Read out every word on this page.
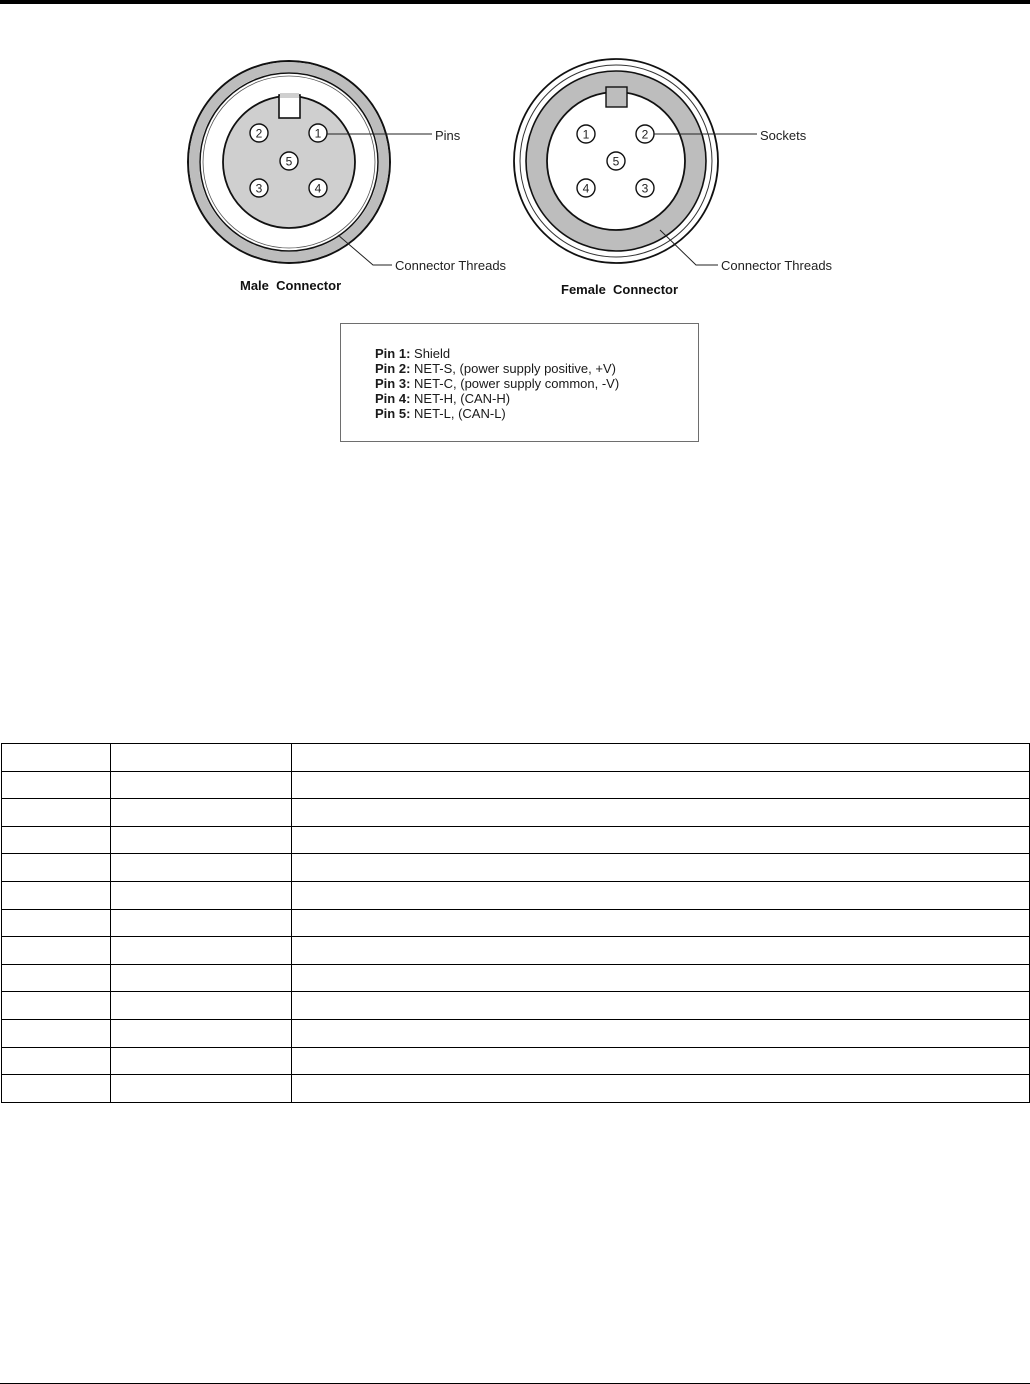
1
2
3	4
5
Pins
Connector Threads
Male  Connector
1	2
3
4
5
Sockets
Connector Threads
Female  Connector
Pin 1: Shield
Pin 2: NET-S, (power supply positive, +V)
Pin 3: NET-C, (power supply common, -V)
Pin 4: NET-H, (CAN-H)
Pin 5: NET-L, (CAN-L)
